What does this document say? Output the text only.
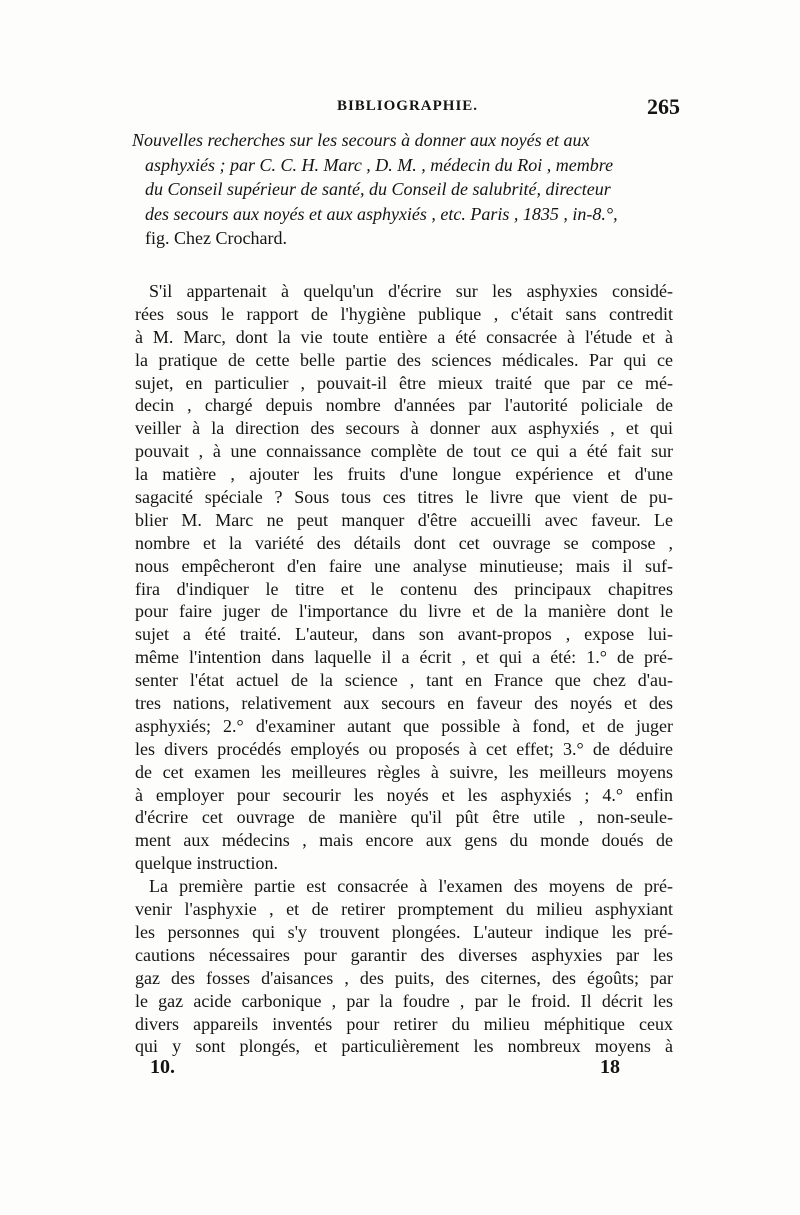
BIBLIOGRAPHIE.	265
Nouvelles recherches sur les secours à donner aux noyés et aux
asphyxiés ; par C. C. H. Marc , D. M. , médecin du Roi , membre
du Conseil supérieur de santé, du Conseil de salubrité, directeur
des secours aux noyés et aux asphyxiés , etc. Paris , 1835 , in-8.°,
fig. Chez Crochard.
S'il appartenait à quelqu'un d'écrire sur les asphyxies considé-
rées sous le rapport de l'hygiène publique , c'était sans contredit
à M. Marc, dont la vie toute entière a été consacrée à l'étude et à
la pratique de cette belle partie des sciences médicales. Par qui ce
sujet, en particulier , pouvait-il être mieux traité que par ce mé-
decin , chargé depuis nombre d'années par l'autorité policiale de
veiller à la direction des secours à donner aux asphyxiés , et qui
pouvait , à une connaissance complète de tout ce qui a été fait sur
la matière , ajouter les fruits d'une longue expérience et d'une
sagacité spéciale ? Sous tous ces titres le livre que vient de pu-
blier M. Marc ne peut manquer d'être accueilli avec faveur. Le
nombre et la variété des détails dont cet ouvrage se compose ,
nous empêcheront d'en faire une analyse minutieuse; mais il suf-
fira d'indiquer le titre et le contenu des principaux chapitres
pour faire juger de l'importance du livre et de la manière dont le
sujet a été traité. L'auteur, dans son avant-propos , expose lui-
même l'intention dans laquelle il a écrit , et qui a été: 1.° de pré-
senter l'état actuel de la science , tant en France que chez d'au-
tres nations, relativement aux secours en faveur des noyés et des
asphyxiés; 2.° d'examiner autant que possible à fond, et de juger
les divers procédés employés ou proposés à cet effet; 3.° de déduire
de cet examen les meilleures règles à suivre, les meilleurs moyens
à employer pour secourir les noyés et les asphyxiés ; 4.° enfin
d'écrire cet ouvrage de manière qu'il pût être utile , non-seule-
ment aux médecins , mais encore aux gens du monde doués de
quelque instruction.
La première partie est consacrée à l'examen des moyens de pré-
venir l'asphyxie , et de retirer promptement du milieu asphyxiant
les personnes qui s'y trouvent plongées. L'auteur indique les pré-
cautions nécessaires pour garantir des diverses asphyxies par les
gaz des fosses d'aisances , des puits, des citernes, des égoûts; par
le gaz acide carbonique , par la foudre , par le froid. Il décrit les
divers appareils inventés pour retirer du milieu méphitique ceux
qui y sont plongés, et particulièrement les nombreux moyens à
10.	18
